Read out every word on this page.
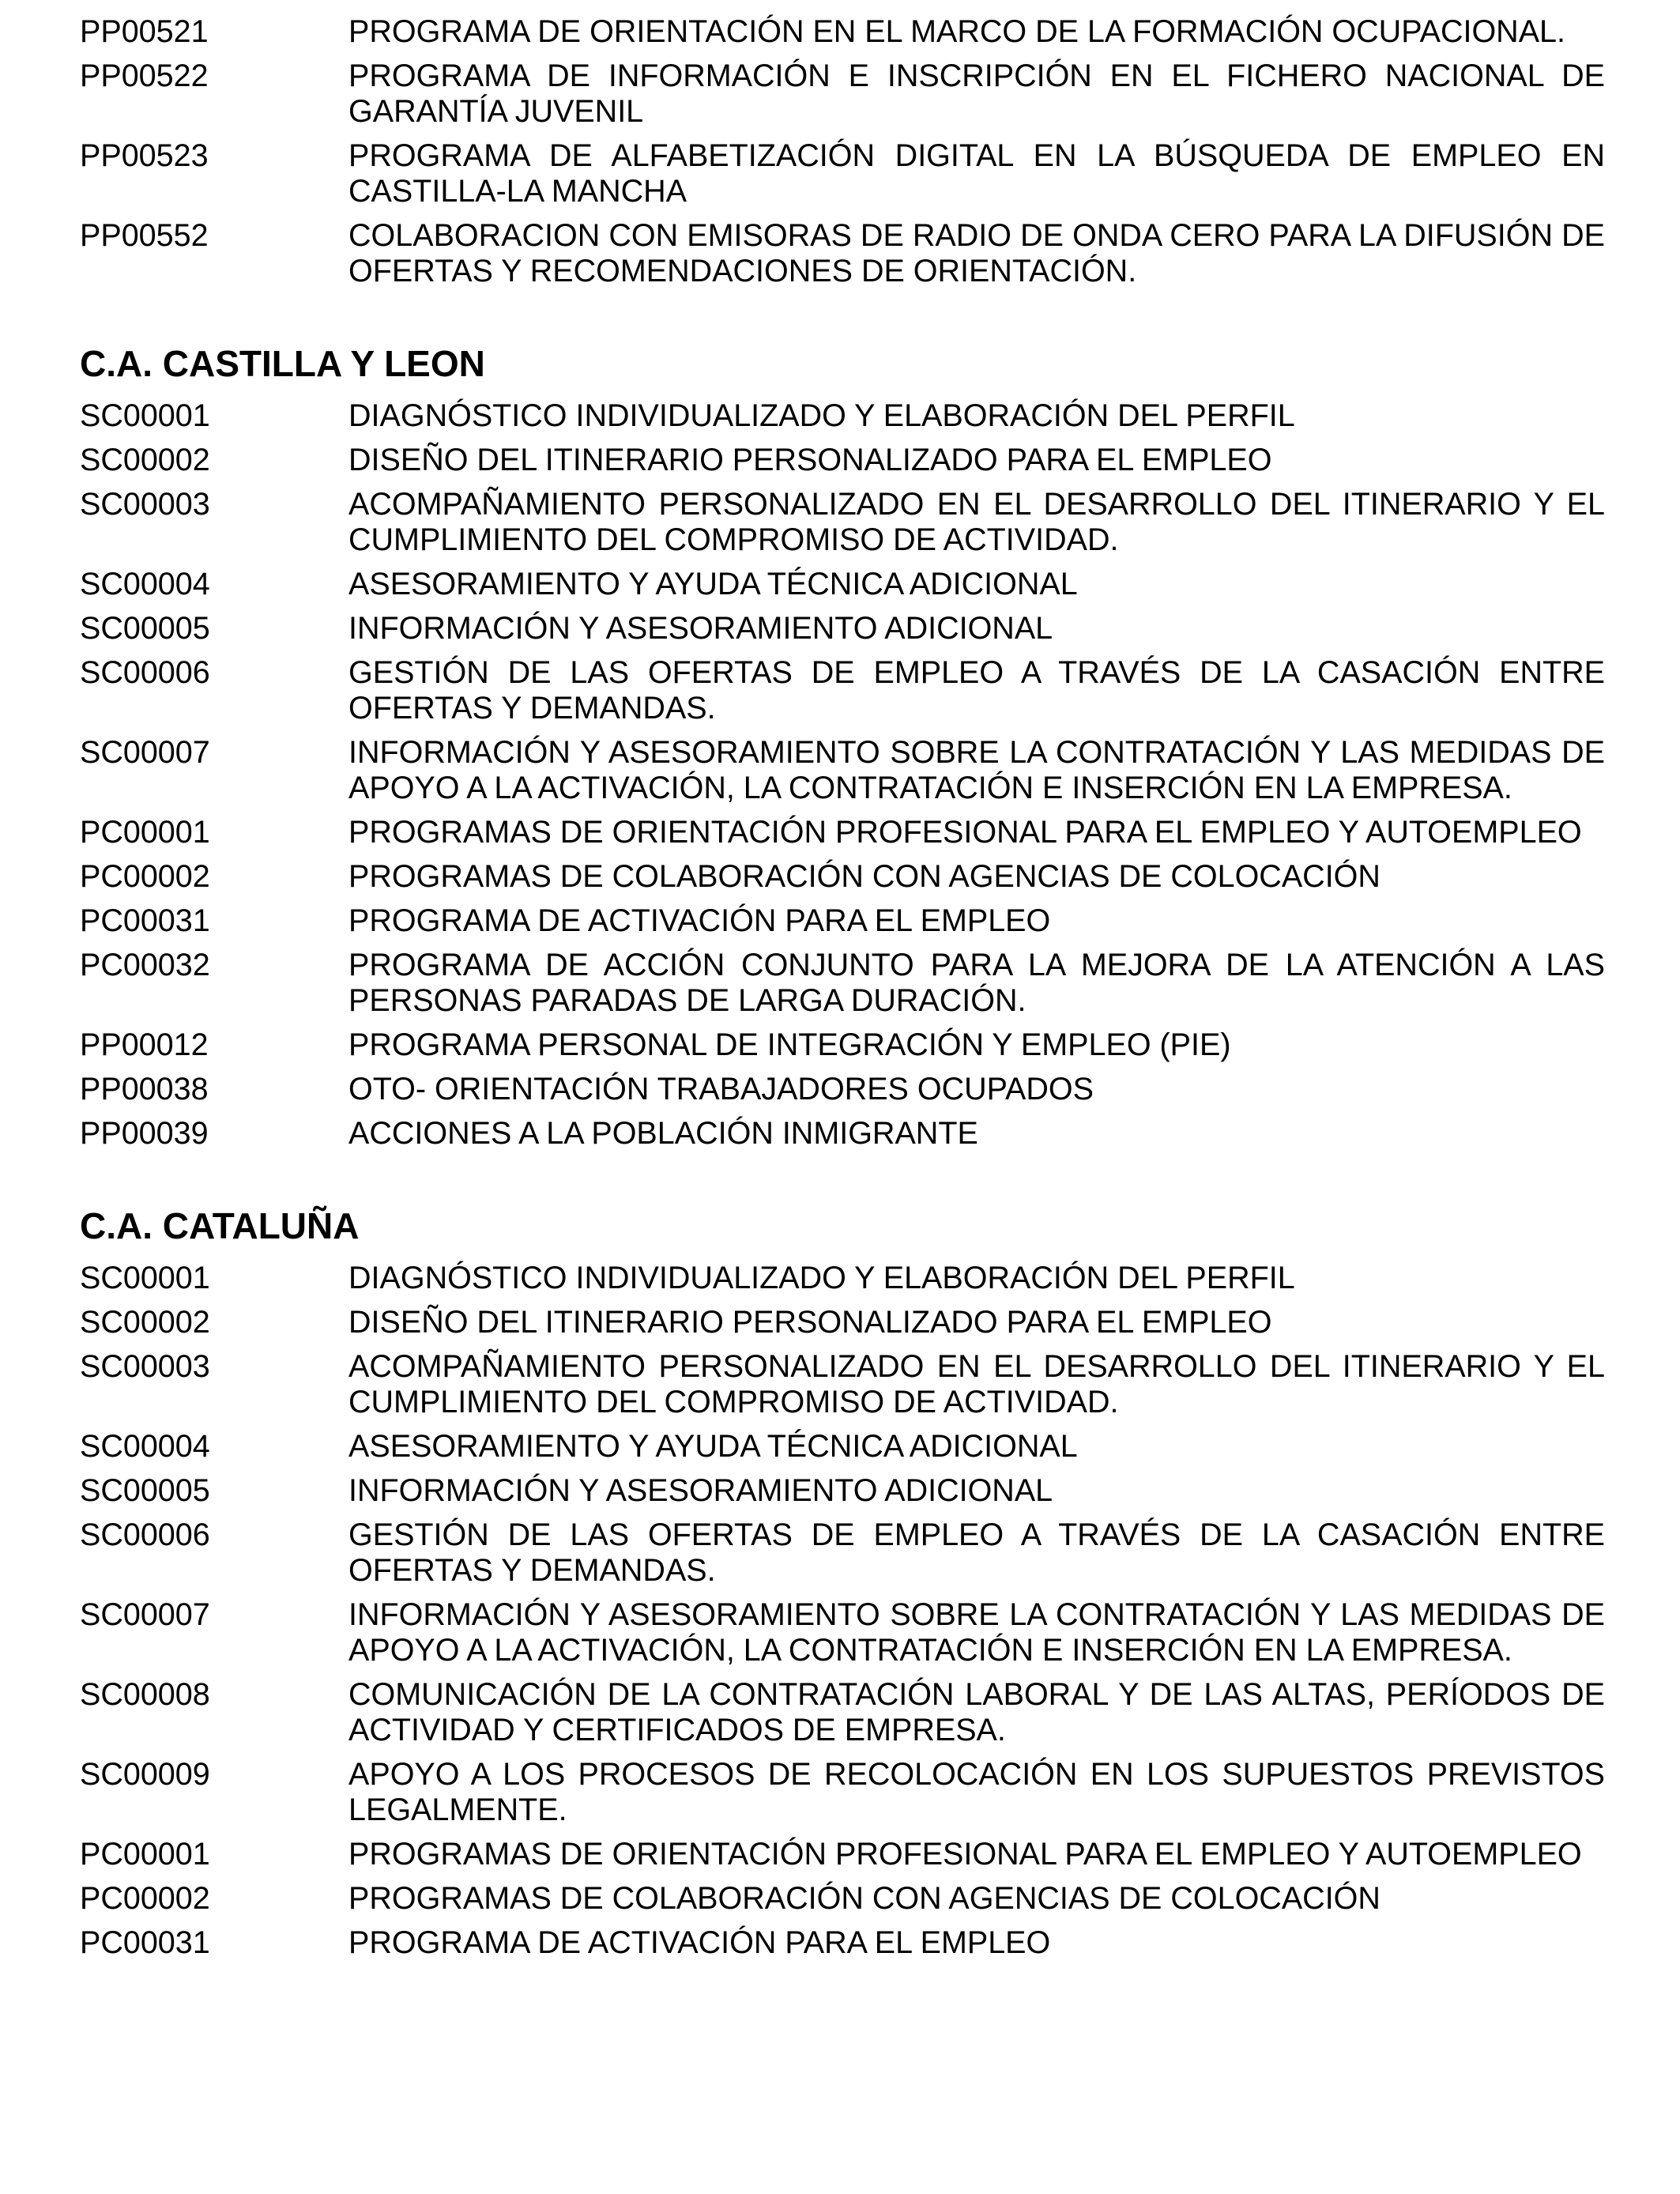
PP00521	PROGRAMA DE ORIENTACIÓN EN EL MARCO DE LA FORMACIÓN OCUPACIONAL.
PP00522	PROGRAMA DE INFORMACIÓN E INSCRIPCIÓN EN EL FICHERO NACIONAL DE GARANTÍA JUVENIL
PP00523	PROGRAMA DE ALFABETIZACIÓN DIGITAL EN LA BÚSQUEDA DE EMPLEO EN CASTILLA-LA MANCHA
PP00552	COLABORACION CON EMISORAS DE RADIO DE ONDA CERO PARA LA DIFUSIÓN DE OFERTAS Y RECOMENDACIONES DE ORIENTACIÓN.
C.A. CASTILLA Y LEON
SC00001	DIAGNÓSTICO INDIVIDUALIZADO Y ELABORACIÓN DEL PERFIL
SC00002	DISEÑO DEL ITINERARIO PERSONALIZADO PARA EL EMPLEO
SC00003	ACOMPAÑAMIENTO PERSONALIZADO EN EL DESARROLLO DEL ITINERARIO Y EL CUMPLIMIENTO DEL COMPROMISO DE ACTIVIDAD.
SC00004	ASESORAMIENTO Y AYUDA TÉCNICA ADICIONAL
SC00005	INFORMACIÓN Y ASESORAMIENTO ADICIONAL
SC00006	GESTIÓN DE LAS OFERTAS DE EMPLEO A TRAVÉS DE LA CASACIÓN ENTRE OFERTAS Y DEMANDAS.
SC00007	INFORMACIÓN Y ASESORAMIENTO SOBRE LA CONTRATACIÓN Y LAS MEDIDAS DE APOYO A LA ACTIVACIÓN, LA CONTRATACIÓN E INSERCIÓN EN LA EMPRESA.
PC00001	PROGRAMAS DE ORIENTACIÓN PROFESIONAL PARA EL EMPLEO Y AUTOEMPLEO
PC00002	PROGRAMAS DE COLABORACIÓN CON AGENCIAS DE COLOCACIÓN
PC00031	PROGRAMA DE ACTIVACIÓN PARA EL EMPLEO
PC00032	PROGRAMA DE ACCIÓN CONJUNTO PARA LA MEJORA DE LA ATENCIÓN A LAS PERSONAS PARADAS DE LARGA DURACIÓN.
PP00012	PROGRAMA PERSONAL DE INTEGRACIÓN Y EMPLEO (PIE)
PP00038	OTO- ORIENTACIÓN TRABAJADORES OCUPADOS
PP00039	ACCIONES A LA POBLACIÓN INMIGRANTE
C.A. CATALUÑA
SC00001	DIAGNÓSTICO INDIVIDUALIZADO Y ELABORACIÓN DEL PERFIL
SC00002	DISEÑO DEL ITINERARIO PERSONALIZADO PARA EL EMPLEO
SC00003	ACOMPAÑAMIENTO PERSONALIZADO EN EL DESARROLLO DEL ITINERARIO Y EL CUMPLIMIENTO DEL COMPROMISO DE ACTIVIDAD.
SC00004	ASESORAMIENTO Y AYUDA TÉCNICA ADICIONAL
SC00005	INFORMACIÓN Y ASESORAMIENTO ADICIONAL
SC00006	GESTIÓN DE LAS OFERTAS DE EMPLEO A TRAVÉS DE LA CASACIÓN ENTRE OFERTAS Y DEMANDAS.
SC00007	INFORMACIÓN Y ASESORAMIENTO SOBRE LA CONTRATACIÓN Y LAS MEDIDAS DE APOYO A LA ACTIVACIÓN, LA CONTRATACIÓN E INSERCIÓN EN LA EMPRESA.
SC00008	COMUNICACIÓN DE LA CONTRATACIÓN LABORAL Y DE LAS ALTAS, PERÍODOS DE ACTIVIDAD Y CERTIFICADOS DE EMPRESA.
SC00009	APOYO A LOS PROCESOS DE RECOLOCACIÓN EN LOS SUPUESTOS PREVISTOS LEGALMENTE.
PC00001	PROGRAMAS DE ORIENTACIÓN PROFESIONAL PARA EL EMPLEO Y AUTOEMPLEO
PC00002	PROGRAMAS DE COLABORACIÓN CON AGENCIAS DE COLOCACIÓN
PC00031	PROGRAMA DE ACTIVACIÓN PARA EL EMPLEO
